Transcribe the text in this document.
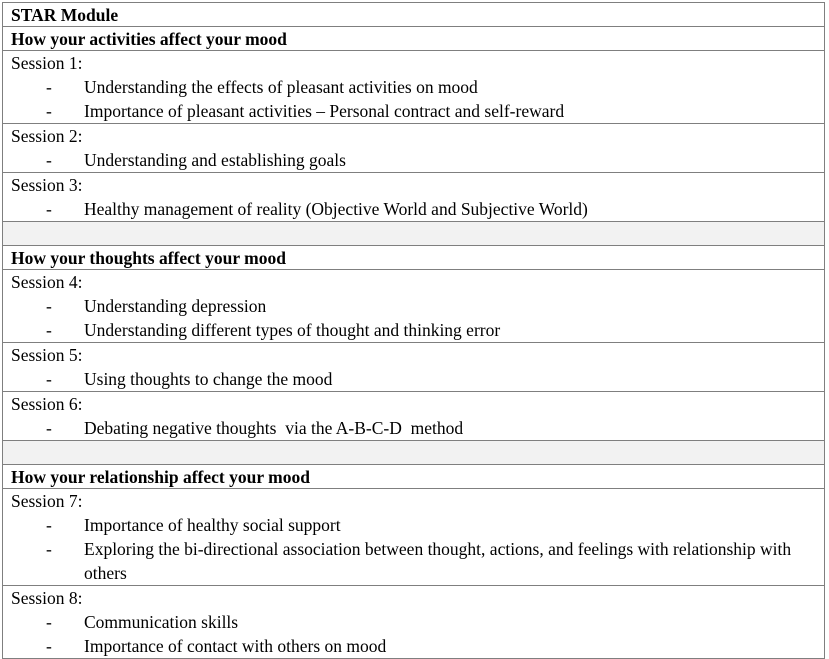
STAR Module
How your activities affect your mood
Session 1:
-	Understanding the effects of pleasant activities on mood
-	Importance of pleasant activities – Personal contract and self-reward
Session 2:
-	Understanding and establishing goals
Session 3:
-	Healthy management of reality (Objective World and Subjective World)
How your thoughts affect your mood
Session 4:
-	Understanding depression
-	Understanding different types of thought and thinking error
Session 5:
-	Using thoughts to change the mood
Session 6:
-	Debating negative thoughts  via the A-B-C-D  method
How your relationship affect your mood
Session 7:
-	Importance of healthy social support
-	Exploring the bi-directional association between thought, actions, and feelings with relationship with others
Session 8:
-	Communication skills
-	Importance of contact with others on mood
